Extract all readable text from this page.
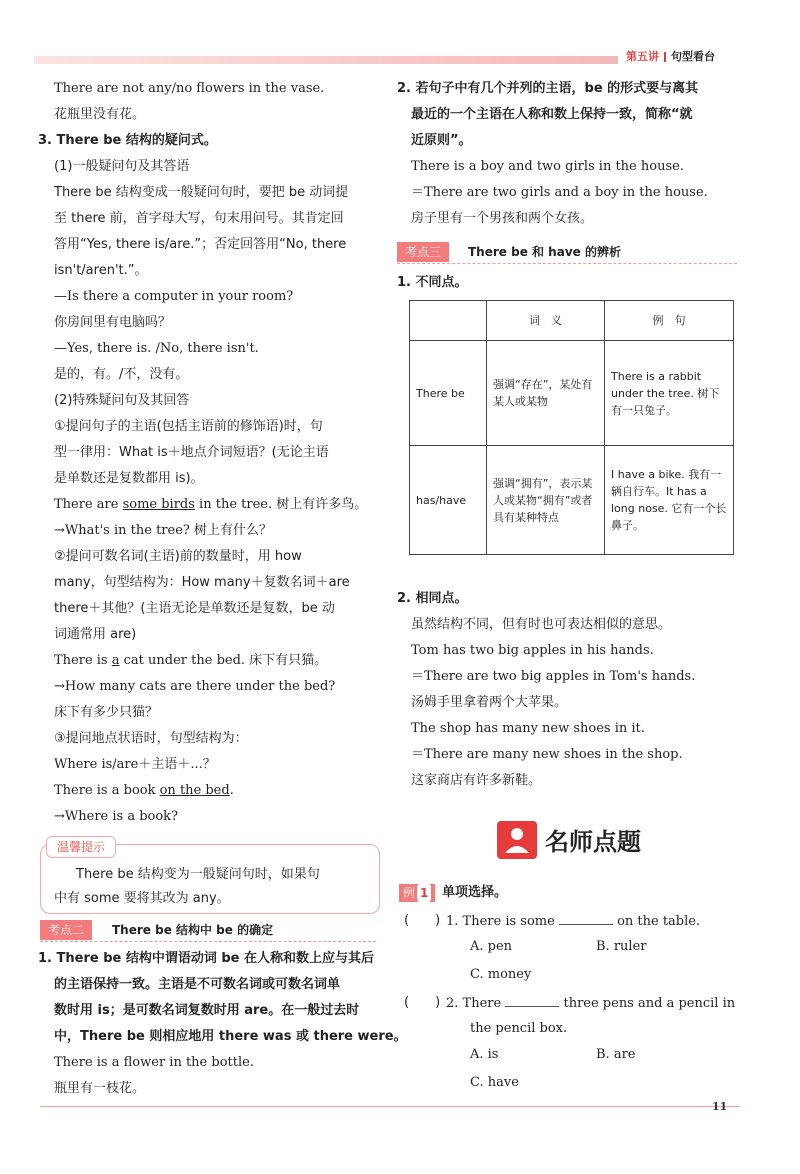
第五讲 句型看台
There are not any/no flowers in the vase.
花瓶里没有花。
3. There be 结构的疑问式。
(1)一般疑问句及其答语
There be 结构变成一般疑问句时，要把 be 动词提
至 there 前，首字母大写，句末用问号。其肯定回
答用“Yes, there is/are.”；否定回答用“No, there
isn't/aren't.”。
—Is there a computer in your room?
你房间里有电脑吗？
—Yes, there is. /No, there isn't.
是的，有。/不，没有。
(2)特殊疑问句及其回答
①提问句子的主语(包括主语前的修饰语)时，句
型一律用：What is＋地点介词短语？(无论主语
是单数还是复数都用 is)。
There are some birds in the tree. 树上有许多鸟。
→What's in the tree? 树上有什么？
②提问可数名词(主语)前的数量时，用 how
many，句型结构为：How many＋复数名词＋are
there＋其他？(主语无论是单数还是复数，be 动
词通常用 are)
There is a cat under the bed. 床下有只猫。
→How many cats are there under the bed?
床下有多少只猫？
③提问地点状语时，句型结构为：
Where is/are＋主语＋...？
There is a book on the bed.
→Where is a book?
温馨提示
There be 结构变为一般疑问句时，如果句
中有 some 要将其改为 any。
考点二	There be 结构中 be 的确定
1. There be 结构中谓语动词 be 在人称和数上应与其后
的主语保持一致。主语是不可数名词或可数名词单
数时用 is；是可数名词复数时用 are。在一般过去时
中，There be 则相应地用 there was 或 there were。
There is a flower in the bottle.
瓶里有一枝花。
2. 若句子中有几个并列的主语，be 的形式要与离其
最近的一个主语在人称和数上保持一致，简称“就
近原则”。
There is a boy and two girls in the house.
＝There are two girls and a boy in the house.
房子里有一个男孩和两个女孩。
考点三	There be 和 have 的辨析
1. 不同点。
	词　义	例　句
There be	强调“存在”，某处有某人或某物	There is a rabbit under the tree. 树下有一只兔子。
has/have	强调“拥有”，表示某人或某物“拥有”或者具有某种特点	I have a bike. 我有一辆自行车。It has a long nose. 它有一个长鼻子。
2. 相同点。
虽然结构不同，但有时也可表达相似的意思。
Tom has two big apples in his hands.
＝There are two big apples in Tom's hands.
汤姆手里拿着两个大苹果。
The shop has many new shoes in it.
＝There are many new shoes in the shop.
这家商店有许多新鞋。
名师点题
例 1	单项选择。
(　　) 1. There is some	on the table.
A. pen	B. ruler
C. money
(　　) 2. There	three pens and a pencil in
the pencil box.
A. is	B. are
C. have
11
